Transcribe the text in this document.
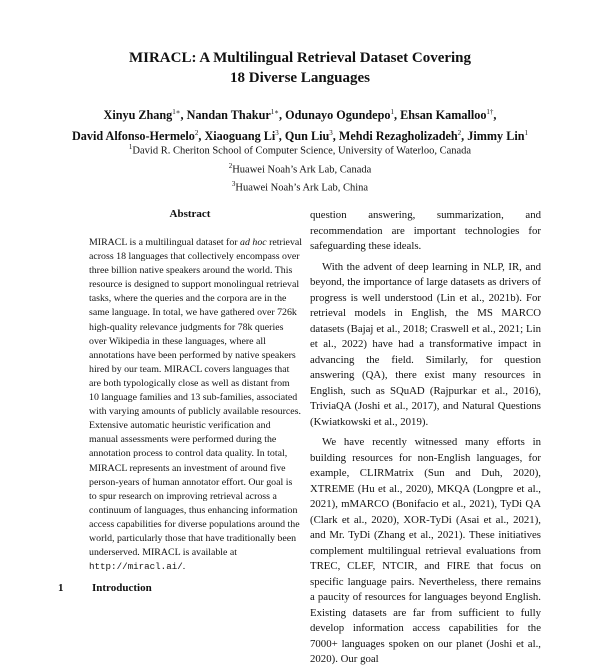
MIRACL: A Multilingual Retrieval Dataset Covering
18 Diverse Languages
Xinyu Zhang$^{1∗}$, Nandan Thakur$^{1∗}$, Odunayo Ogundepo$^1$, Ehsan Kamalloo$^{1\dagger}$,
David Alfonso-Hermelo$^2$, Xiaoguang Li$^3$, Qun Liu$^3$, Mehdi Rezagholizadeh$^2$, Jimmy Lin$^1$
$^1$David R. Cheriton School of Computer Science, University of Waterloo, Canada
$^2$Huawei Noah’s Ark Lab, Canada
$^3$Huawei Noah’s Ark Lab, China
Abstract

MIRACL is a multilingual dataset for ad hoc retrieval across 18 languages that collectively encompass over three billion native speakers around the world. This resource is designed to support monolingual retrieval tasks, where the queries and the corpora are in the same language. In total, we have gathered over 726k high-quality relevance judgments for 78k queries over Wikipedia in these languages, where all annotations have been performed by native speakers hired by our team. MIRACL covers languages that are both typologically close as well as distant from 10 language families and 13 sub-families, associated with varying amounts of publicly available resources. Extensive automatic heuristic verification and manual assessments were performed during the annotation process to control data quality. In total, MIRACL represents an investment of around five person-years of human annotator effort. Our goal is to spur research on improving retrieval across a continuum of languages, thus enhancing information access capabilities for diverse populations around the world, particularly those that have traditionally been underserved. MIRACL is available at http://miracl.ai/.

1	Introduction

question answering, summarization, and recommendation are important technologies for safeguarding these ideals.

With the advent of deep learning in NLP, IR, and beyond, the importance of large datasets as drivers of progress is well understood (Lin et al., 2021b). For retrieval models in English, the MS MARCO datasets (Bajaj et al., 2018; Craswell et al., 2021; Lin et al., 2022) have had a transformative impact in advancing the field. Similarly, for question answering (QA), there exist many resources in English, such as SQuAD (Rajpurkar et al., 2016), TriviaQA (Joshi et al., 2017), and Natural Questions (Kwiatkowski et al., 2019).

We have recently witnessed many efforts in building resources for non-English languages, for example, CLIRMatrix (Sun and Duh, 2020), XTREME (Hu et al., 2020), MKQA (Longpre et al., 2021), mMARCO (Bonifacio et al., 2021), TyDi QA (Clark et al., 2020), XOR-TyDi (Asai et al., 2021), and Mr. TyDi (Zhang et al., 2021). These initiatives complement multilingual retrieval evaluations from TREC, CLEF, NTCIR, and FIRE that focus on specific language pairs. Nevertheless, there remains a paucity of resources for languages beyond English. Existing datasets are far from sufficient to fully develop information access capabilities for the 7000+ languages spoken on our planet (Joshi et al., 2020). Our goal
